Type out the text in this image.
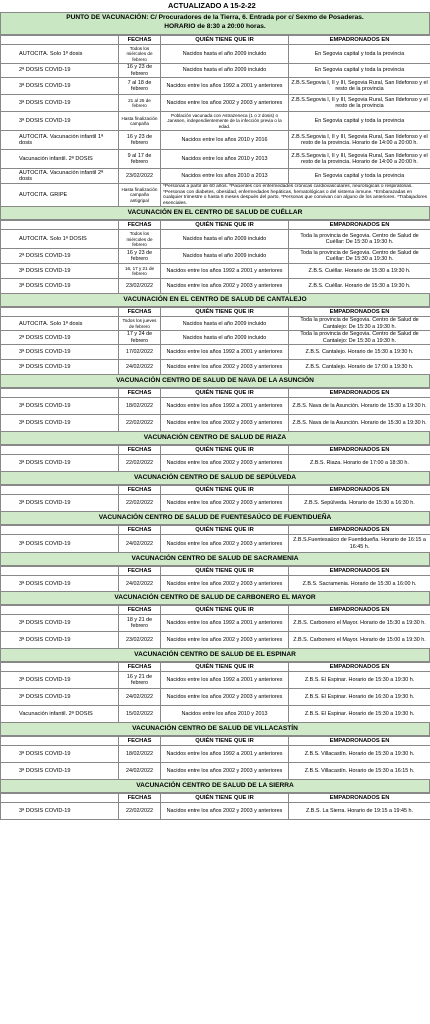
ACTUALIZADO A 15-2-22
PUNTO DE VACUNACIÓN: C/ Procuradores de la Tierra, 6. Entrada por c/ Sexmo de Posaderas.
HORARIO de 8:30 a 20:00 horas.
	FECHAS	QUIÉN TIENE QUE IR	EMPADRONADOS EN
AUTOCITA. Solo 1ª dosis	Todos los miércoles de febrero	Nacidos hasta el año 2009 incluido	En Segovia capital y toda la provincia
2ª DOSIS COVID-19	16 y 23 de febrero	Nacidos hasta el año 2009 incluido	En Segovia capital y toda la provincia
3ª DOSIS COVID-19	7 al 18 de febrero	Nacidos entre los años 1992 a 2001 y anteriores	Z.B.S.Segovia I, II y III, Segovia Rural, San Ildefonso y el resto de la provincia
3ª DOSIS COVID-19	21 al 25 de febrero	Nacidos entre los años 2002 y 2003 y anteriores	Z.B.S.Segovia I, II y III, Segovia Rural, San Ildefonso y el resto de la provincia
3ª DOSIS COVID-19	Hasta finalización campaña	Población vacunada con Astrazeneca (1 o 2 dosis) o Janssen, independientemente de la infección previa o la edad.	En Segovia capital y toda la provincia
AUTOCITA. Vacunación infantil 1ª dosis	16 y 23 de febrero	Nacidos entre los años 2010 y 2016	Z.B.S.Segovia I, II y III, Segovia Rural, San Ildefonso y el resto de la provincia. Horario de 14:00 a 20:00 h.
Vacunación infantil. 2ª DOSIS	9 al 17 de febrero	Nacidos entre los años 2010 y 2013	Z.B.S.Segovia I, II y III, Segovia Rural, San Ildefonso y el resto de la provincia. Horario de 14:00 a 20:00 h.
AUTOCITA. Vacunación infantil 2ª dosis	23/02/2022	Nacidos entre los años 2010 a 2013	En Segovia capital y toda la provincia
AUTOCITA. GRIPE	Hasta finalización campaña antigripal	*Personas a partir de 60 años. *Pacientes con enfermedades crónicas cardiovasculares, neurológicas o respiratorias. *Personas con diabetes, obesidad, enfermedades hepáticas, hematológicas o del sistema inmune. *Embarazadas en cualquier trimestre o hasta 6 meses después del parto. *Personas que convivan con alguno de los anteriores. *Trabajadores esenciales.	
VACUNACIÓN EN EL CENTRO DE SALUD DE CUÉLLAR
	FECHAS	QUIÉN TIENE QUE IR	EMPADRONADOS EN
AUTOCITA. Solo 1ª DOSIS	Todos los miércoles de febrero	Nacidos hasta el año 2009 incluido	Toda la provincia de Segovia. Centro de Salud de Cuéllar: De 15:30 a 19:30 h.
2ª DOSIS COVID-19	16 y 23 de febrero	Nacidos hasta el año 2009 incluido	Toda la provincia de Segovia. Centro de Salud de Cuéllar: De 15:30 a 19:30 h.
3ª DOSIS COVID-19	16, 17 y 21 de febrero	Nacidos entre los años 1992 a 2001 y anteriores	Z.B.S. Cuéllar. Horario de 15:30 a 19:30 h.
3ª DOSIS COVID-19	23/02/2022	Nacidos entre los años 2002 y 2003 y anteriores	Z.B.S. Cuéllar. Horario de 15:30 a 19:30 h.
VACUNACIÓN EN EL CENTRO DE SALUD DE CANTALEJO
	FECHAS	QUIÉN TIENE QUE IR	EMPADRONADOS EN
AUTOCITA. Solo 1ª dosis	Todos los jueves de febrero	Nacidos hasta el año 2009 incluido	Toda la provincia de Segovia. Centro de Salud de Cantalejo: De 15:30 a 19:30 h.
2ª DOSIS COVID-19	17 y 24 de febrero	Nacidos hasta el año 2009 incluido	Toda la provincia de Segovia. Centro de Salud de Cantalejo: De 15:30 a 19:30 h.
3ª DOSIS COVID-19	17/02/2022	Nacidos entre los años 1992 a 2001 y anteriores	Z.B.S. Cantalejo. Horario de 15:30 a 19:30 h.
3ª DOSIS COVID-19	24/02/2022	Nacidos entre los años 2002 y 2003 y anteriores	Z.B.S. Cantalejo. Horario de 17:00 a 19:30 h.
VACUNACIÓN CENTRO DE SALUD DE NAVA DE LA ASUNCIÓN
	FECHAS	QUIÉN TIENE QUE IR	EMPADRONADOS EN
3ª DOSIS COVID-19	18/02/2022	Nacidos entre los años 1992 a 2001 y anteriores	Z.B.S. Nava de la Asunción. Horario de 15:30 a 19:30 h.
3ª DOSIS COVID-19	22/02/2022	Nacidos entre los años 2002 y 2003 y anteriores	Z.B.S. Nava de la Asunción. Horario de 15:30 a 19:30 h.
VACUNACIÓN CENTRO DE SALUD DE RIAZA
	FECHAS	QUIÉN TIENE QUE IR	EMPADRONADOS EN
3ª DOSIS COVID-19	22/02/2022	Nacidos entre los años 2002 y 2003 y anteriores	Z.B.S. Riaza. Horario de 17:00 a 18:30 h.
VACUNACIÓN CENTRO DE SALUD DE SEPÚLVEDA
	FECHAS	QUIÉN TIENE QUE IR	EMPADRONADOS EN
3ª DOSIS COVID-19	22/02/2022	Nacidos entre los años 2002 y 2003 y anteriores	Z.B.S. Sepúlveda. Horario de 15:30 a 16:30 h.
VACUNACIÓN CENTRO DE SALUD DE FUENTESAÚCO DE FUENTIDUEÑA
	FECHAS	QUIÉN TIENE QUE IR	EMPADRONADOS EN
3ª DOSIS COVID-19	24/02/2022	Nacidos entre los años 2002 y 2003 y anteriores	Z.B.S.Fuentesaúco de Fuentidueña. Horario de 16:15 a 16:45 h.
VACUNACIÓN CENTRO DE SALUD DE SACRAMENIA
	FECHAS	QUIÉN TIENE QUE IR	EMPADRONADOS EN
3ª DOSIS COVID-19	24/02/2022	Nacidos entre los años 2002 y 2003 y anteriores	Z.B.S. Sacramenia. Horario de 15:30 a 16:00 h.
VACUNACIÓN CENTRO DE SALUD DE CARBONERO EL MAYOR
	FECHAS	QUIÉN TIENE QUE IR	EMPADRONADOS EN
3ª DOSIS COVID-19	18 y 21 de febrero	Nacidos entre los años 1992 a 2001 y anteriores	Z.B.S. Carbonero el Mayor. Horario de 15:30 a 19:30 h.
3ª DOSIS COVID-19	23/02/2022	Nacidos entre los años 2002 y 2003 y anteriores	Z.B.S. Carbonero el Mayor. Horario de 15:00 a 19:30 h.
VACUNACIÓN CENTRO DE SALUD DE EL ESPINAR
	FECHAS	QUIÉN TIENE QUE IR	EMPADRONADOS EN
3ª DOSIS COVID-19	16 y 21 de febrero	Nacidos entre los años 1992 a 2001 y anteriores	Z.B.S. El Espinar. Horario de 15:30 a 19:30 h.
3ª DOSIS COVID-19	24/02/2022	Nacidos entre los años 2002 y 2003 y anteriores	Z.B.S. El Espinar. Horario de 16:30 a 19:30 h.
Vacunación infantil. 2ª DOSIS	15/02/2022	Nacidos entre los años 2010 y 2013	Z.B.S. El Espinar. Horario de 15:30 a 19:30 h.
VACUNACIÓN CENTRO DE SALUD DE VILLACASTÍN
	FECHAS	QUIÉN TIENE QUE IR	EMPADRONADOS EN
3ª DOSIS COVID-19	18/02/2022	Nacidos entre los años 1992 a 2001 y anteriores	Z.B.S. Villacastín. Horario de 15:30 a 19:30 h.
3ª DOSIS COVID-19	24/02/2022	Nacidos entre los años 2002 y 2003 y anteriores	Z.B.S. Villacastín. Horario de 15:30 a 16:15 h.
VACUNACIÓN CENTRO DE SALUD DE LA SIERRA
	FECHAS	QUIÉN TIENE QUE IR	EMPADRONADOS EN
3ª DOSIS COVID-19	22/02/2022	Nacidos entre los años 2002 y 2003 y anteriores	Z.B.S. La Sierra. Horario de 19:15 a 19:45 h.
